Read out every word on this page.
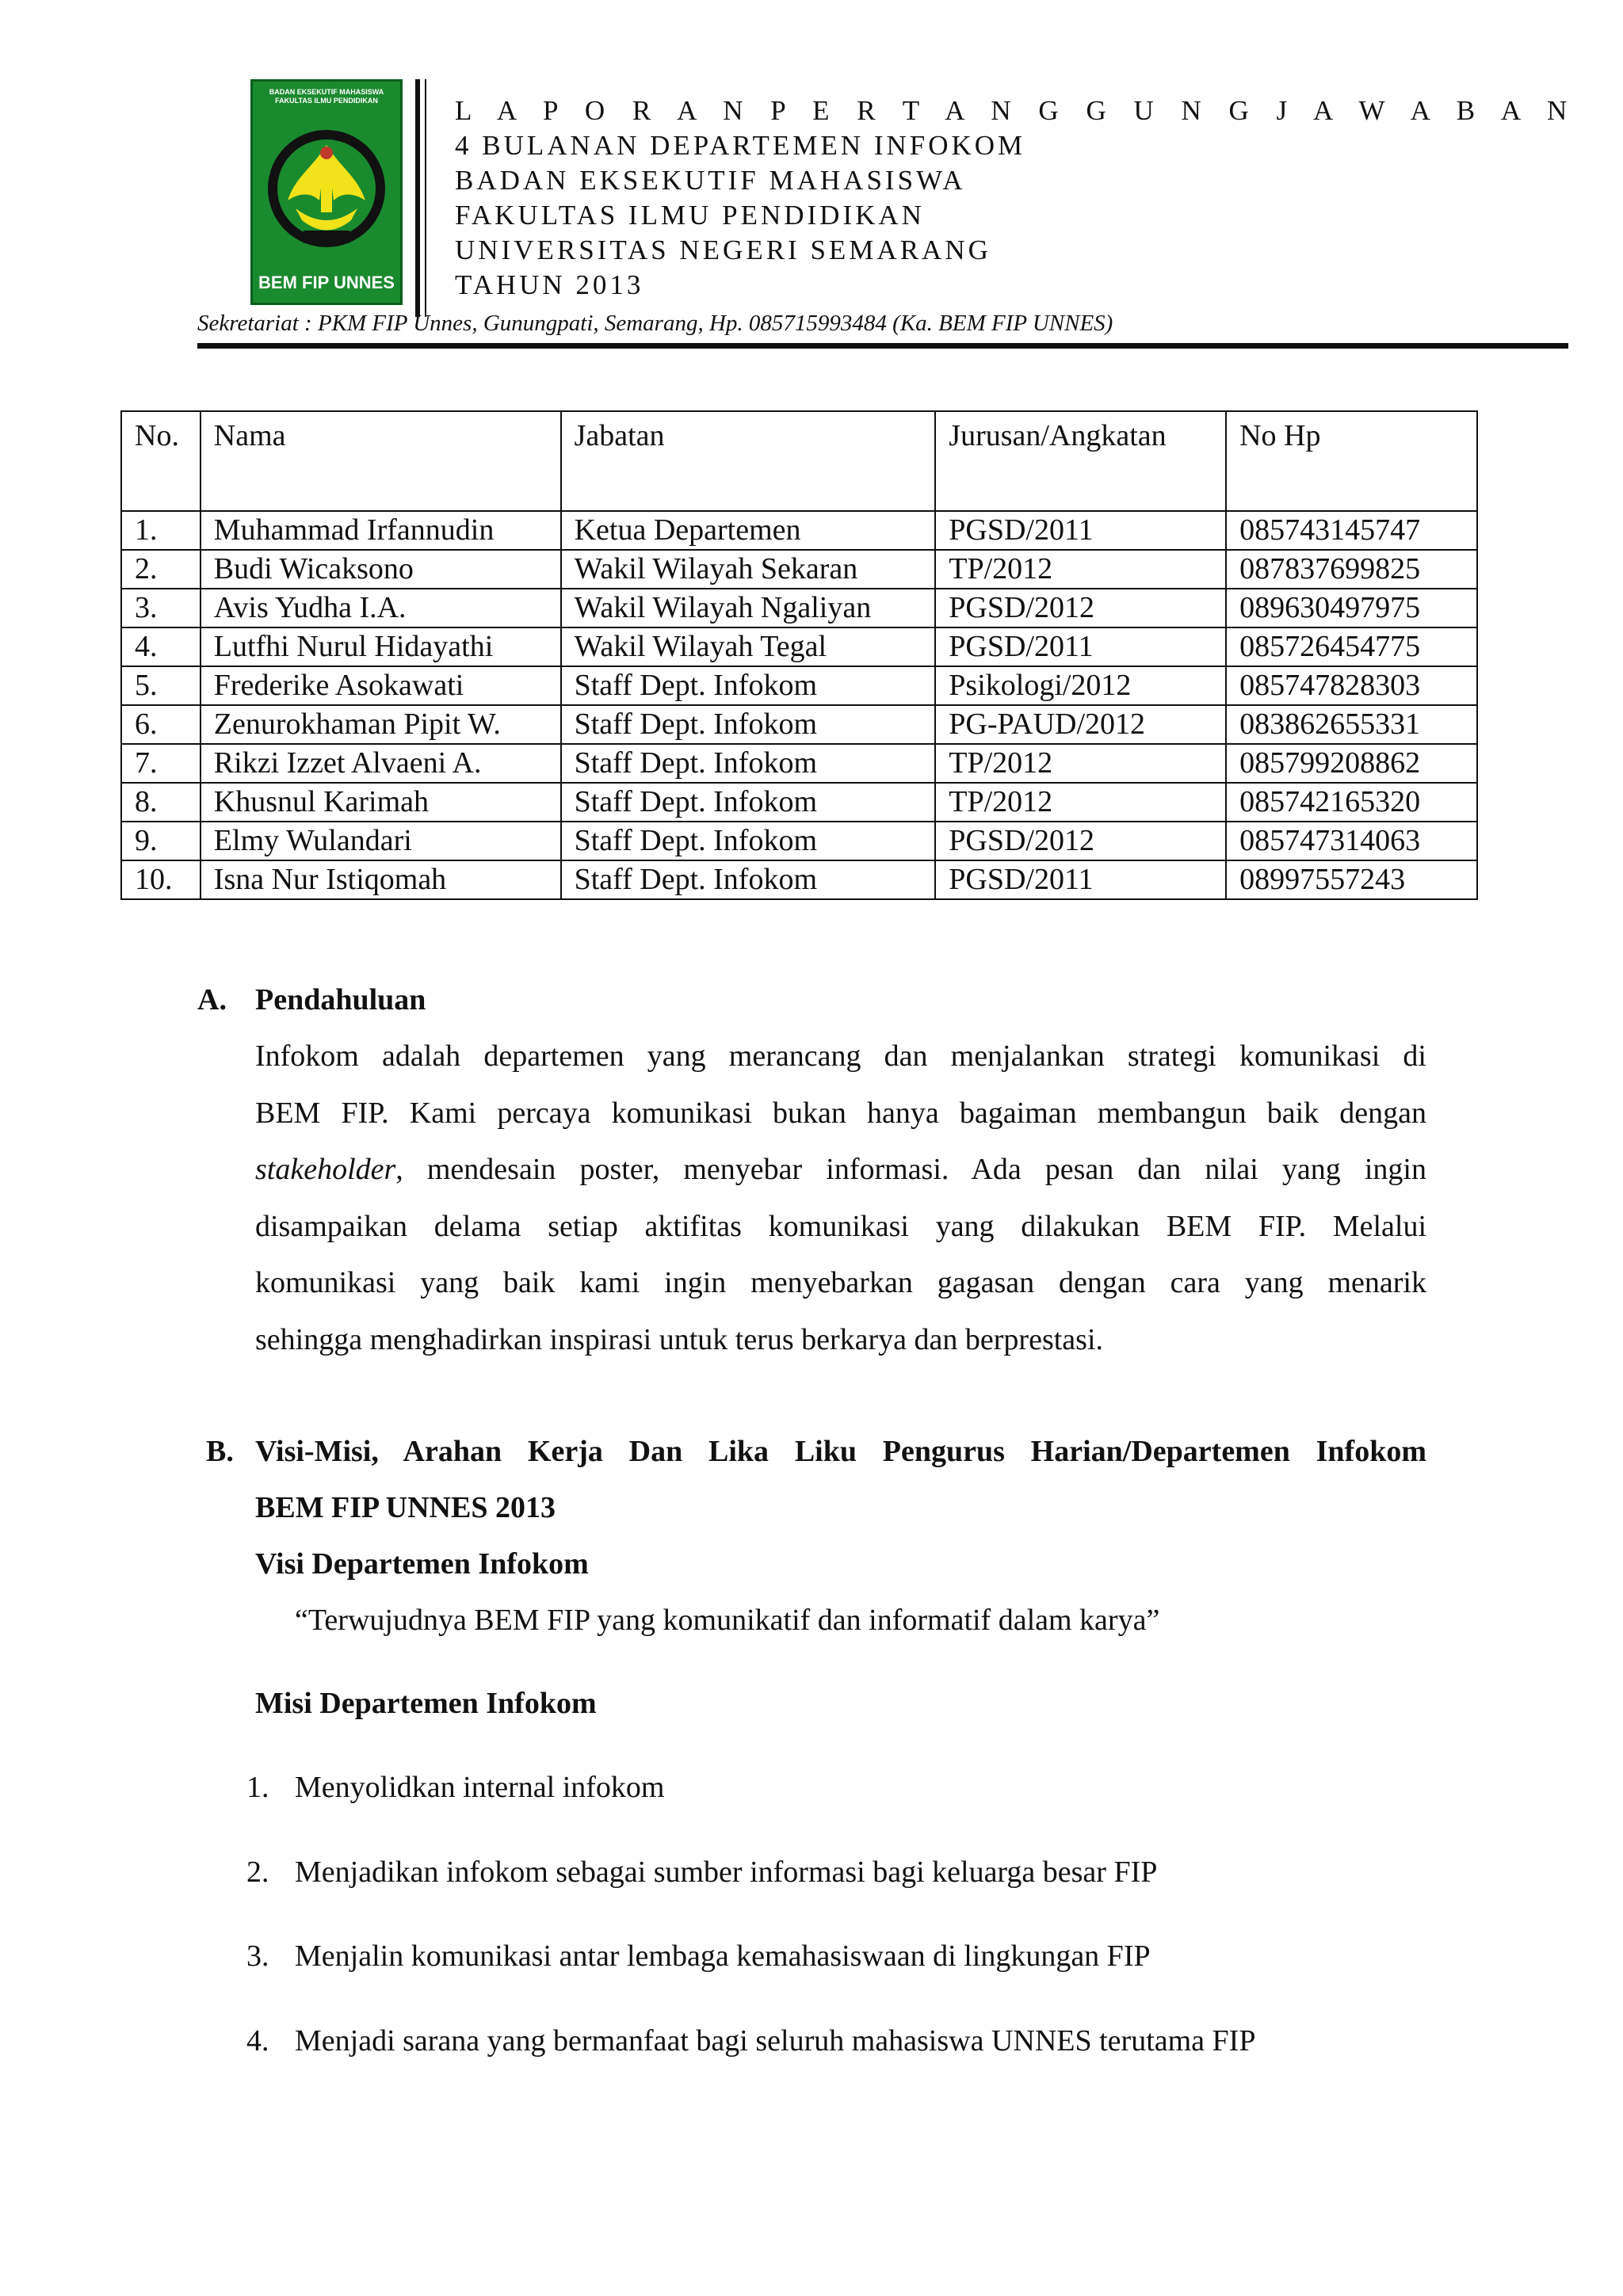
BADAN EKSEKUTIF MAHASISWA FAKULTAS ILMU PENDIDIKAN
BEM FIP UNNES
L A P O R A N P E R T A N G G U N G J A W A B A N
4 BULANAN DEPARTEMEN INFOKOM
BADAN EKSEKUTIF MAHASISWA
FAKULTAS ILMU PENDIDIKAN
UNIVERSITAS NEGERI SEMARANG
TAHUN 2013
Sekretariat : PKM FIP Unnes, Gunungpati, Semarang, Hp. 085715993484 (Ka. BEM FIP UNNES)
No.	Nama	Jabatan	Jurusan/Angkatan	No Hp
1.	Muhammad Irfannudin	Ketua Departemen	PGSD/2011	085743145747
2.	Budi Wicaksono	Wakil Wilayah Sekaran	TP/2012	087837699825
3.	Avis Yudha I.A.	Wakil Wilayah Ngaliyan	PGSD/2012	089630497975
4.	Lutfhi Nurul Hidayathi	Wakil Wilayah Tegal	PGSD/2011	085726454775
5.	Frederike Asokawati	Staff Dept. Infokom	Psikologi/2012	085747828303
6.	Zenurokhaman Pipit W.	Staff Dept. Infokom	PG-PAUD/2012	083862655331
7.	Rikzi Izzet Alvaeni A.	Staff Dept. Infokom	TP/2012	085799208862
8.	Khusnul Karimah	Staff Dept. Infokom	TP/2012	085742165320
9.	Elmy Wulandari	Staff Dept. Infokom	PGSD/2012	085747314063
10.	Isna Nur Istiqomah	Staff Dept. Infokom	PGSD/2011	08997557243
A. Pendahuluan
Infokom adalah departemen yang merancang dan menjalankan strategi komunikasi di
BEM FIP. Kami percaya komunikasi bukan hanya bagaiman membangun baik dengan
stakeholder, mendesain poster, menyebar informasi. Ada pesan dan nilai yang ingin
disampaikan delama setiap aktifitas komunikasi yang dilakukan BEM FIP. Melalui
komunikasi yang baik kami ingin menyebarkan gagasan dengan cara yang menarik
sehingga menghadirkan inspirasi untuk terus berkarya dan berprestasi.
B. Visi-Misi, Arahan Kerja Dan Lika Liku Pengurus Harian/Departemen Infokom
BEM FIP UNNES 2013
Visi Departemen Infokom
“Terwujudnya BEM FIP yang komunikatif dan informatif dalam karya”
Misi Departemen Infokom
1. Menyolidkan internal infokom
2. Menjadikan infokom sebagai sumber informasi bagi keluarga besar FIP
3. Menjalin komunikasi antar lembaga kemahasiswaan di lingkungan FIP
4. Menjadi sarana yang bermanfaat bagi seluruh mahasiswa UNNES terutama FIP
